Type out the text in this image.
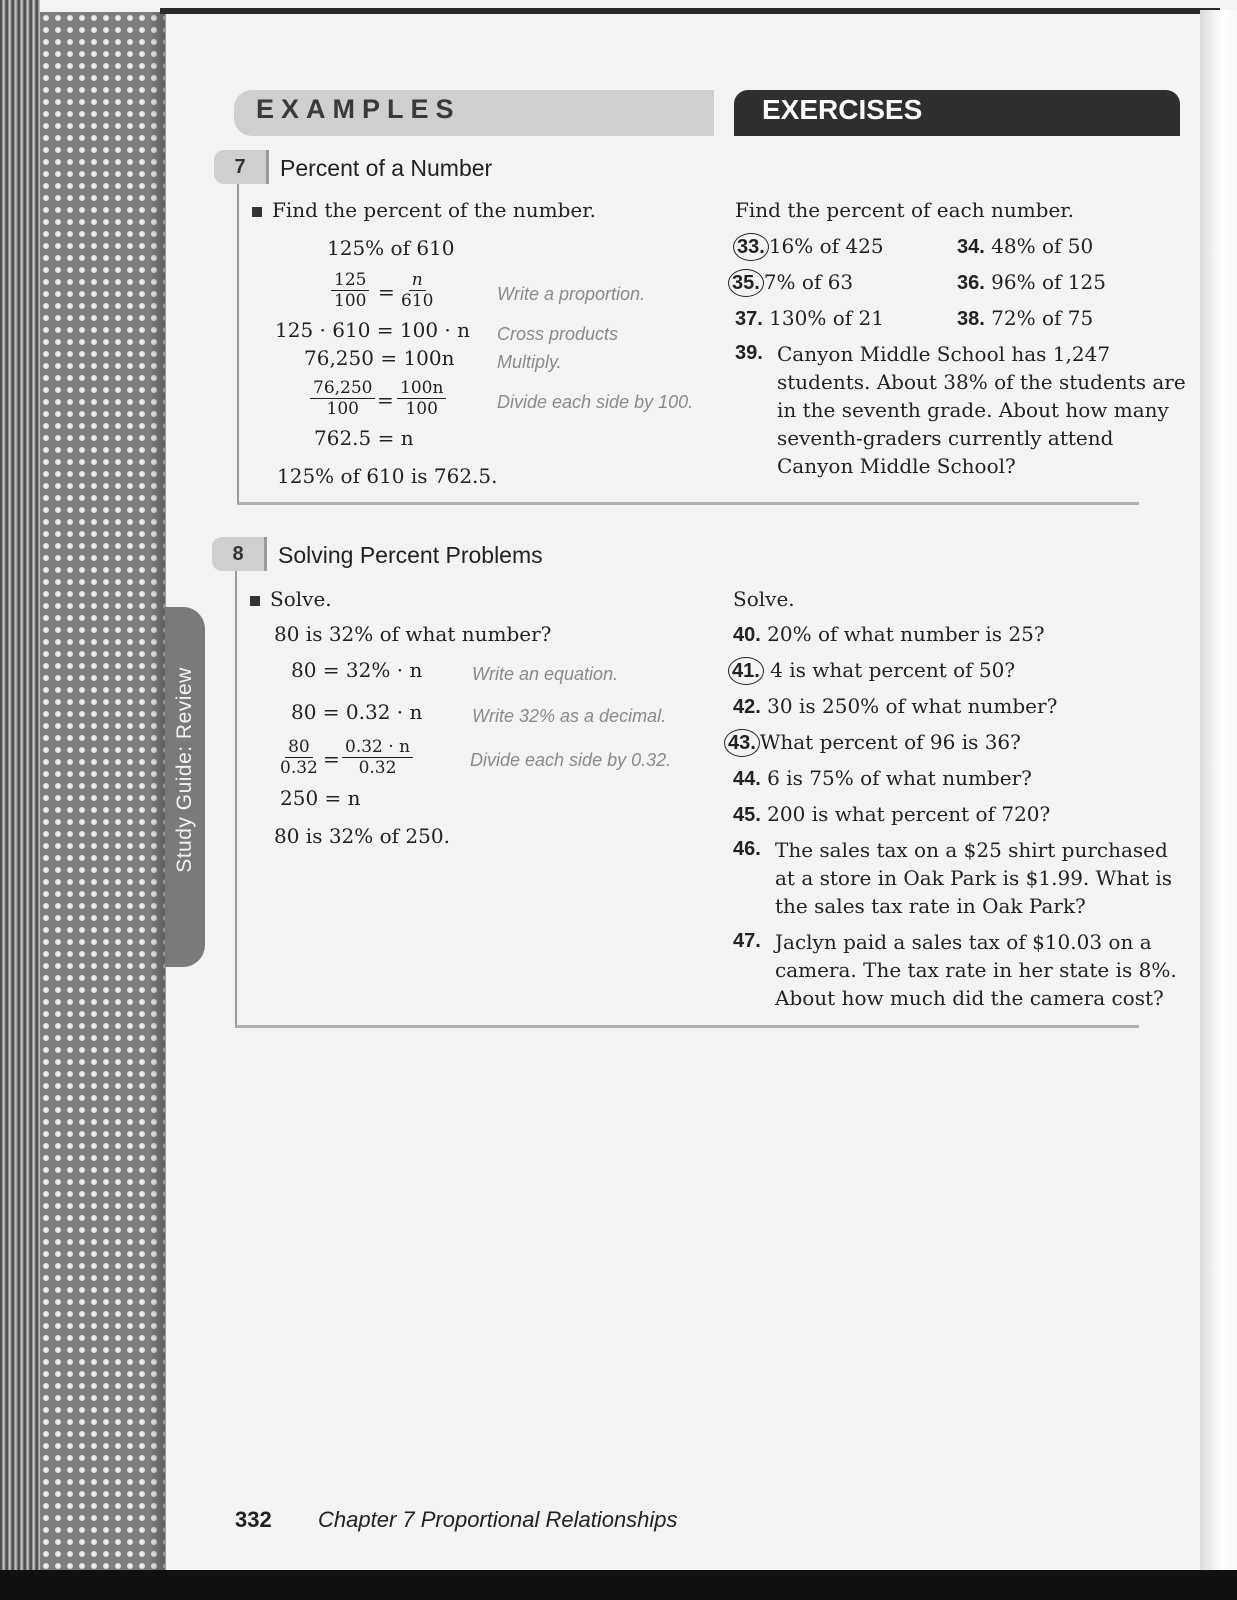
Study Guide: Review
EXAMPLES	EXERCISES
7	Percent of a Number
Find the percent of the number.
125% of 610
$\frac{125}{100} = \frac{n}{610}$	Write a proportion.
125 · 610 = 100 · n Cross products
76,250 = 100n Multiply.
$\frac{76,250}{100} = \frac{100n}{100}$	Divide each side by 100.
762.5 = n
125% of 610 is 762.5.
Find the percent of each number.
33. 16% of 425	34. 48% of 50
35. 7% of 63	36. 96% of 125
37. 130% of 21	38. 72% of 75
39. Canyon Middle School has 1,247
students. About 38% of the students are
in the seventh grade. About how many
seventh-graders currently attend
Canyon Middle School?
8	Solving Percent Problems
Solve.
80 is 32% of what number?
80 = 32% · n	Write an equation.
80 = 0.32 · n	Write 32% as a decimal.
$\frac{80}{0.32} = \frac{0.32 \cdot n}{0.32}$	Divide each side by 0.32.
250 = n
80 is 32% of 250.
Solve.
40. 20% of what number is 25?
41. 4 is what percent of 50?
42. 30 is 250% of what number?
43. What percent of 96 is 36?
44. 6 is 75% of what number?
45. 200 is what percent of 720?
46. The sales tax on a $25 shirt purchased
at a store in Oak Park is $1.99. What is
the sales tax rate in Oak Park?
47. Jaclyn paid a sales tax of $10.03 on a
camera. The tax rate in her state is 8%.
About how much did the camera cost?
332 Chapter 7 Proportional Relationships
